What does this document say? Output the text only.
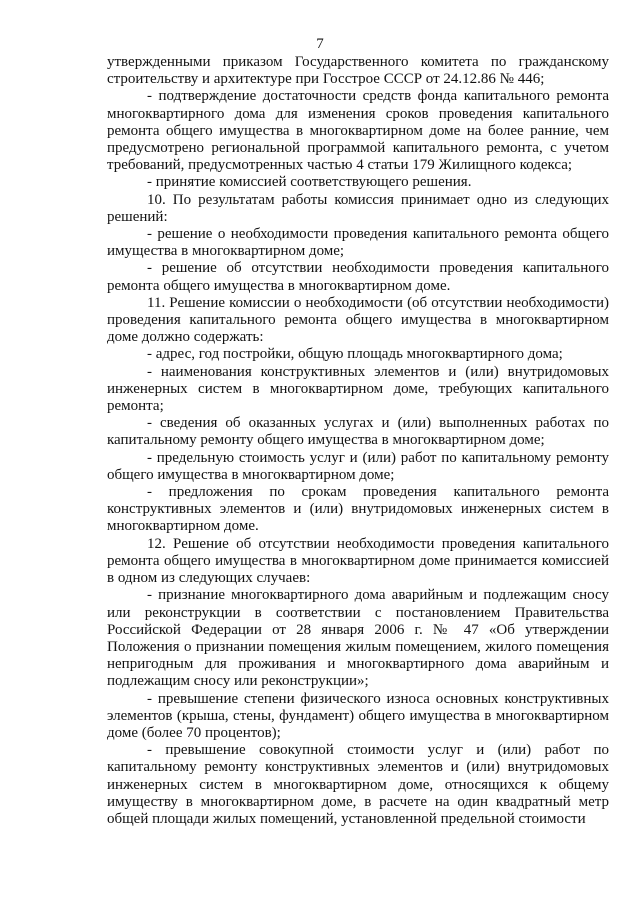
7

утвержденными приказом Государственного комитета по гражданскому строительству и архитектуре при Госстрое СССР от 24.12.86 № 446;

- подтверждение достаточности средств фонда капитального ремонта многоквартирного дома для изменения сроков проведения капитального ремонта общего имущества в многоквартирном доме на более ранние, чем предусмотрено региональной программой капитального ремонта, с учетом требований, предусмотренных частью 4 статьи 179 Жилищного кодекса;

- принятие комиссией соответствующего решения.

10. По результатам работы комиссия принимает одно из следующих решений:

- решение о необходимости проведения капитального ремонта общего имущества в многоквартирном доме;

- решение об отсутствии необходимости проведения капитального ремонта общего имущества в многоквартирном доме.

11. Решение комиссии о необходимости (об отсутствии необходимости) проведения капитального ремонта общего имущества в многоквартирном доме должно содержать:

- адрес, год постройки, общую площадь многоквартирного дома;

- наименования конструктивных элементов и (или) внутридомовых инженерных систем в многоквартирном доме, требующих капитального ремонта;

- сведения об оказанных услугах и (или) выполненных работах по капитальному ремонту общего имущества в многоквартирном доме;

- предельную стоимость услуг и (или) работ по капитальному ремонту общего имущества в многоквартирном доме;

- предложения по срокам проведения капитального ремонта конструктивных элементов и (или) внутридомовых инженерных систем в многоквартирном доме.

12. Решение об отсутствии необходимости проведения капитального ремонта общего имущества в многоквартирном доме принимается комиссией в одном из следующих случаев:

- признание многоквартирного дома аварийным и подлежащим сносу или реконструкции в соответствии с постановлением Правительства Российской Федерации от 28 января 2006 г. № 47 «Об утверждении Положения о признании помещения жилым помещением, жилого помещения непригодным для проживания и многоквартирного дома аварийным и подлежащим сносу или реконструкции»;

- превышение степени физического износа основных конструктивных элементов (крыша, стены, фундамент) общего имущества в многоквартирном доме (более 70 процентов);

- превышение совокупной стоимости услуг и (или) работ по капитальному ремонту конструктивных элементов и (или) внутридомовых инженерных систем в многоквартирном доме, относящихся к общему имуществу в многоквартирном доме, в расчете на один квадратный метр общей площади жилых помещений, установленной предельной стоимости
